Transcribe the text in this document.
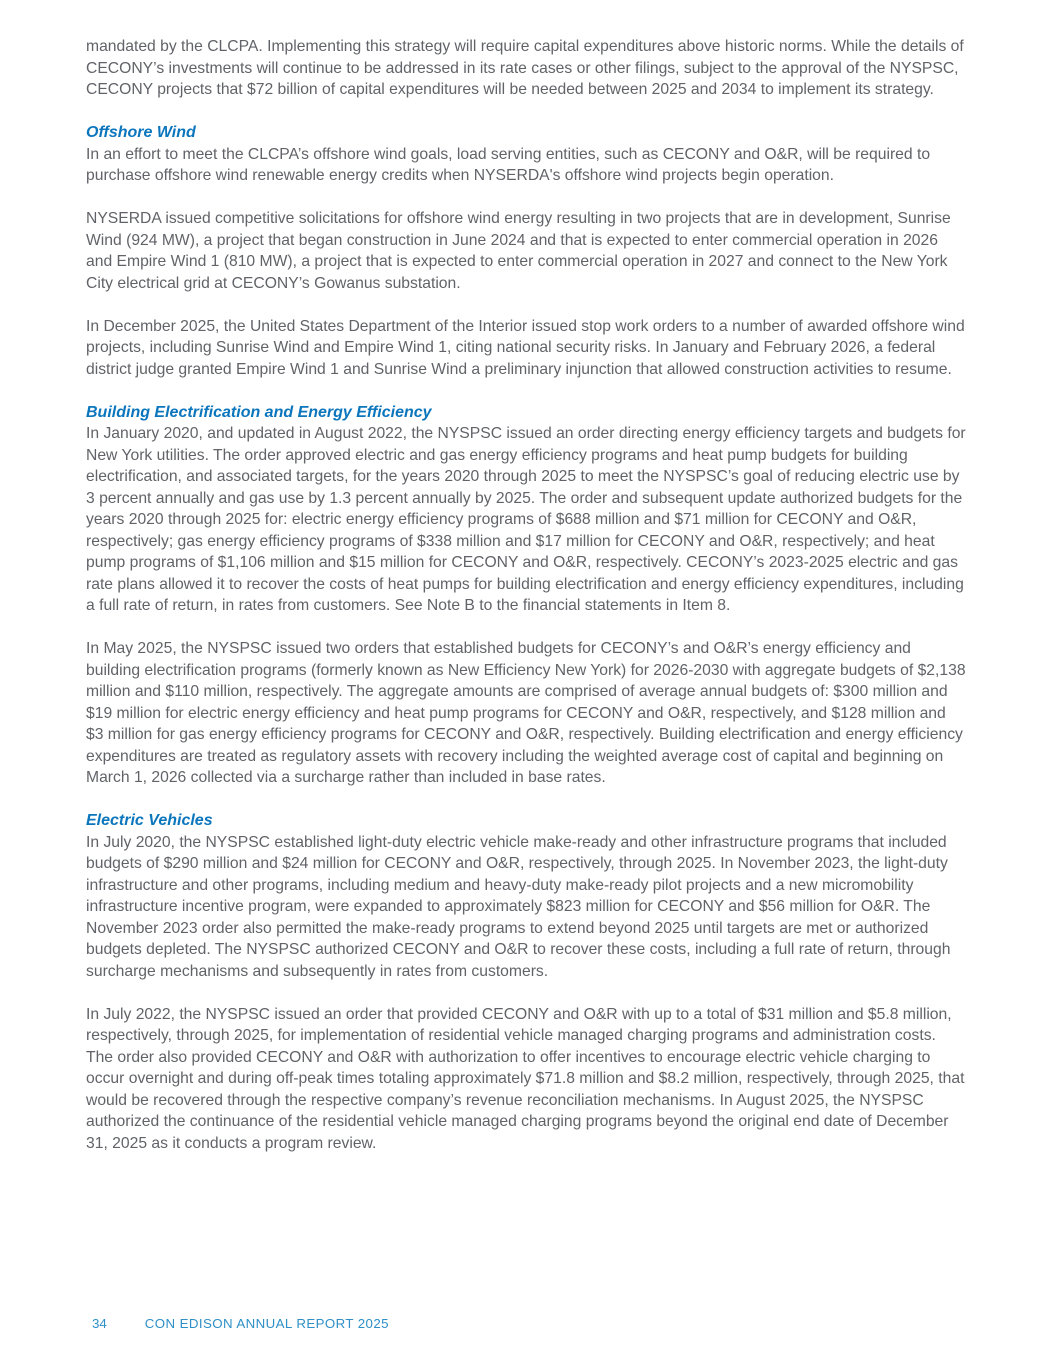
mandated by the CLCPA. Implementing this strategy will require capital expenditures above historic norms. While the details of CECONY’s investments will continue to be addressed in its rate cases or other filings, subject to the approval of the NYSPSC, CECONY projects that $72 billion of capital expenditures will be needed between 2025 and 2034 to implement its strategy.

Offshore Wind

In an effort to meet the CLCPA’s offshore wind goals, load serving entities, such as CECONY and O&R, will be required to purchase offshore wind renewable energy credits when NYSERDA's offshore wind projects begin operation.

NYSERDA issued competitive solicitations for offshore wind energy resulting in two projects that are in development, Sunrise Wind (924 MW), a project that began construction in June 2024 and that is expected to enter commercial operation in 2026 and Empire Wind 1 (810 MW), a project that is expected to enter commercial operation in 2027 and connect to the New York City electrical grid at CECONY’s Gowanus substation.

In December 2025, the United States Department of the Interior issued stop work orders to a number of awarded offshore wind projects, including Sunrise Wind and Empire Wind 1, citing national security risks. In January and February 2026, a federal district judge granted Empire Wind 1 and Sunrise Wind a preliminary injunction that allowed construction activities to resume.

Building Electrification and Energy Efficiency

In January 2020, and updated in August 2022, the NYSPSC issued an order directing energy efficiency targets and budgets for New York utilities. The order approved electric and gas energy efficiency programs and heat pump budgets for building electrification, and associated targets, for the years 2020 through 2025 to meet the NYSPSC’s goal of reducing electric use by 3 percent annually and gas use by 1.3 percent annually by 2025. The order and subsequent update authorized budgets for the years 2020 through 2025 for: electric energy efficiency programs of $688 million and $71 million for CECONY and O&R, respectively; gas energy efficiency programs of $338 million and $17 million for CECONY and O&R, respectively; and heat pump programs of $1,106 million and $15 million for CECONY and O&R, respectively. CECONY’s 2023-2025 electric and gas rate plans allowed it to recover the costs of heat pumps for building electrification and energy efficiency expenditures, including a full rate of return, in rates from customers. See Note B to the financial statements in Item 8.

In May 2025, the NYSPSC issued two orders that established budgets for CECONY’s and O&R’s energy efficiency and building electrification programs (formerly known as New Efficiency New York) for 2026-2030 with aggregate budgets of $2,138 million and $110 million, respectively. The aggregate amounts are comprised of average annual budgets of: $300 million and $19 million for electric energy efficiency and heat pump programs for CECONY and O&R, respectively, and $128 million and $3 million for gas energy efficiency programs for CECONY and O&R, respectively. Building electrification and energy efficiency expenditures are treated as regulatory assets with recovery including the weighted average cost of capital and beginning on March 1, 2026 collected via a surcharge rather than included in base rates.

Electric Vehicles

In July 2020, the NYSPSC established light-duty electric vehicle make-ready and other infrastructure programs that included budgets of $290 million and $24 million for CECONY and O&R, respectively, through 2025. In November 2023, the light-duty infrastructure and other programs, including medium and heavy-duty make-ready pilot projects and a new micromobility infrastructure incentive program, were expanded to approximately $823 million for CECONY and $56 million for O&R. The November 2023 order also permitted the make-ready programs to extend beyond 2025 until targets are met or authorized budgets depleted. The NYSPSC authorized CECONY and O&R to recover these costs, including a full rate of return, through surcharge mechanisms and subsequently in rates from customers.

In July 2022, the NYSPSC issued an order that provided CECONY and O&R with up to a total of $31 million and $5.8 million, respectively, through 2025, for implementation of residential vehicle managed charging programs and administration costs. The order also provided CECONY and O&R with authorization to offer incentives to encourage electric vehicle charging to occur overnight and during off-peak times totaling approximately $71.8 million and $8.2 million, respectively, through 2025, that would be recovered through the respective company’s revenue reconciliation mechanisms. In August 2025, the NYSPSC authorized the continuance of the residential vehicle managed charging programs beyond the original end date of December 31, 2025 as it conducts a program review.

34	CON EDISON ANNUAL REPORT 2025
